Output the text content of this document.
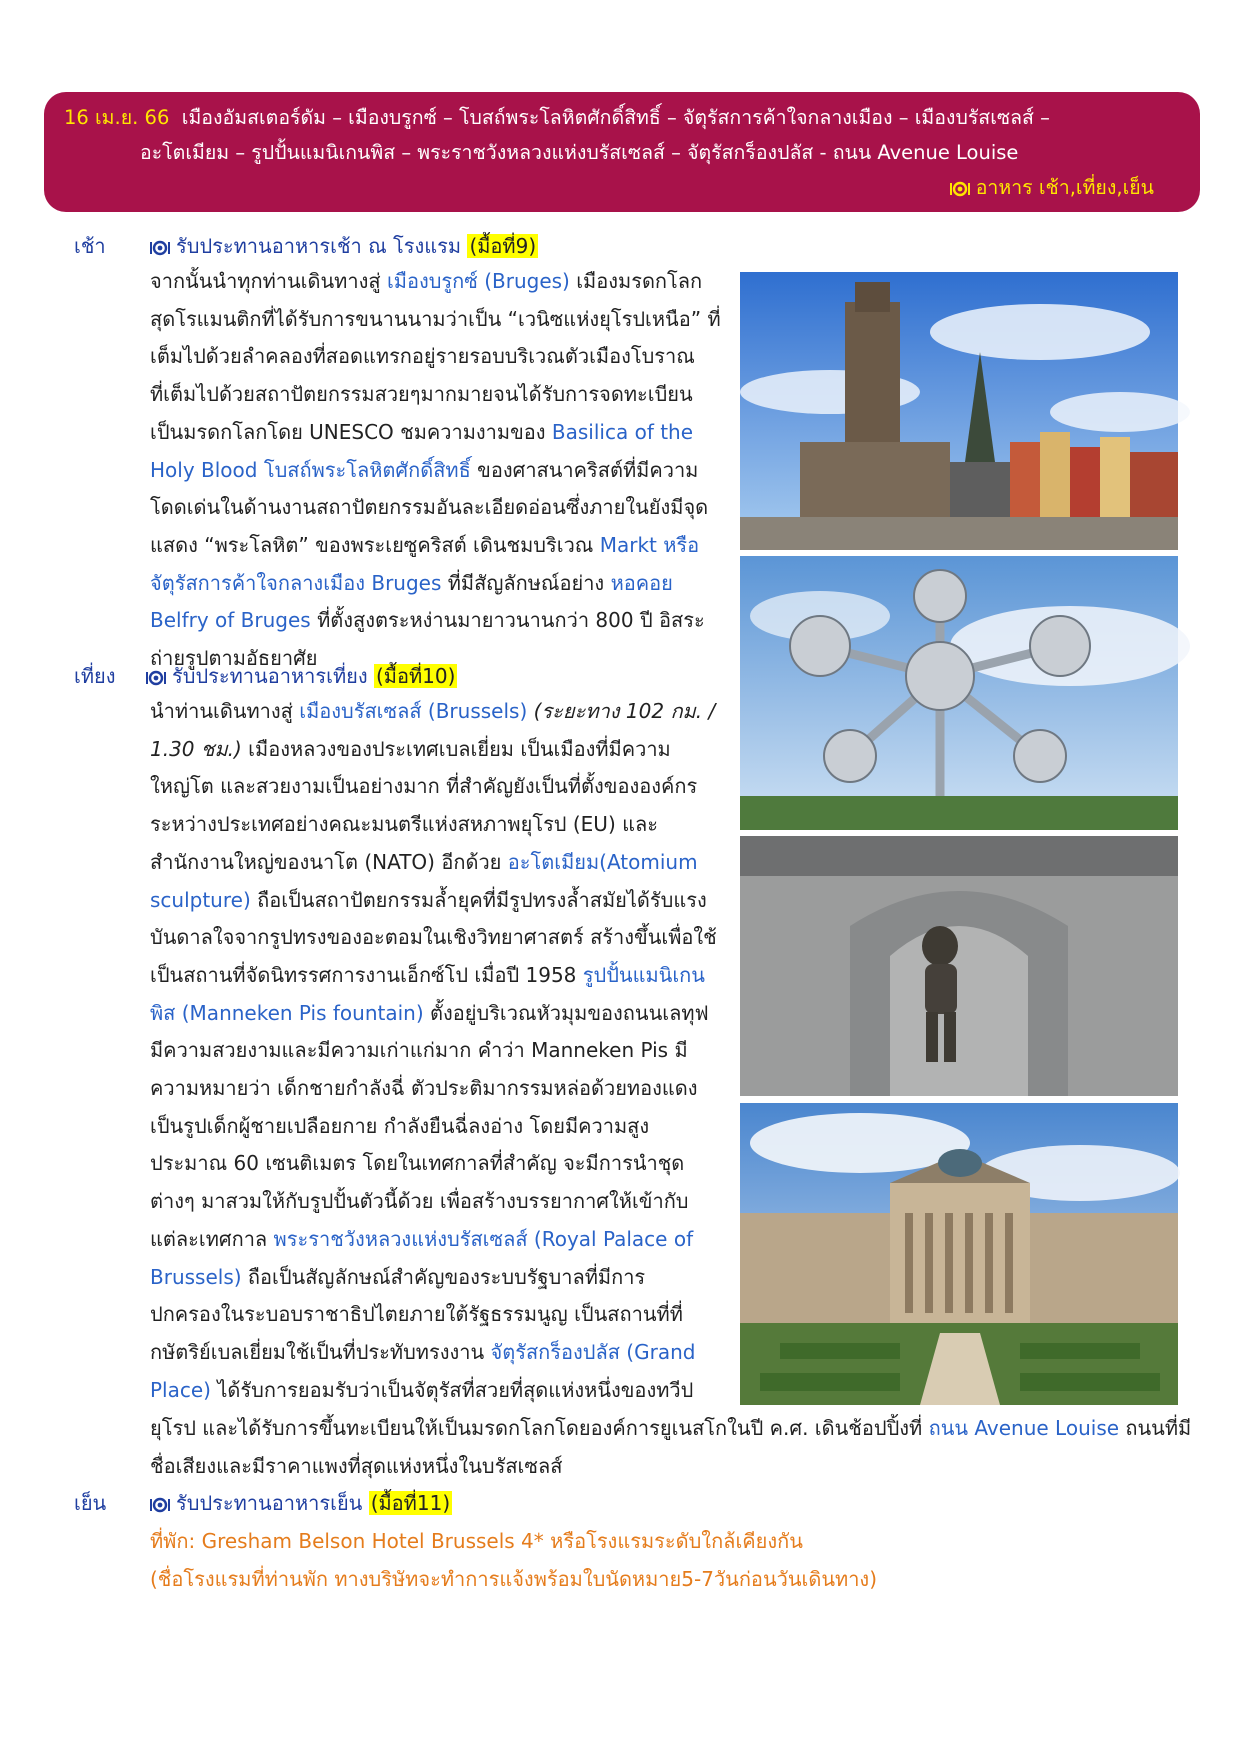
16 เม.ย. 66 เมืองอัมสเตอร์ดัม – เมืองบรูกซ์ – โบสถ์พระโลหิตศักดิ์สิทธิ์ – จัตุรัสการค้าใจกลางเมือง – เมืองบรัสเซลส์ –
อะโตเมียม – รูปปั้นแมนิเกนพิส – พระราชวังหลวงแห่งบรัสเซลส์ – จัตุรัสกร็องปลัส - ถนน Avenue Louise
อาหาร เช้า,เที่ยง,เย็น
เช้า	รับประทานอาหารเช้า ณ โรงแรม (มื้อที่9)
จากนั้นนำทุกท่านเดินทางสู่ เมืองบรูกซ์ (Bruges) เมืองมรดกโลก
สุดโรแมนติกที่ได้รับการขนานนามว่าเป็น “เวนิซแห่งยุโรปเหนือ” ที่
เต็มไปด้วยลำคลองที่สอดแทรกอยู่รายรอบบริเวณตัวเมืองโบราณ
ที่เต็มไปด้วยสถาปัตยกรรมสวยๆมากมายจนได้รับการจดทะเบียน
เป็นมรดกโลกโดย UNESCO ชมความงามของ Basilica of the
Holy Blood โบสถ์พระโลหิตศักดิ์สิทธิ์ ของศาสนาคริสต์ที่มีความ
โดดเด่นในด้านงานสถาปัตยกรรมอันละเอียดอ่อนซึ่งภายในยังมีจุด
แสดง “พระโลหิต” ของพระเยซูคริสต์ เดินชมบริเวณ Markt หรือ
จัตุรัสการค้าใจกลางเมือง Bruges ที่มีสัญลักษณ์อย่าง หอคอย
Belfry of Bruges ที่ตั้งสูงตระหง่านมายาวนานกว่า 800 ปี อิสระ
ถ่ายรูปตามอัธยาศัย
เที่ยง	รับประทานอาหารเที่ยง (มื้อที่10)
นำท่านเดินทางสู่ เมืองบรัสเซลส์ (Brussels) (ระยะทาง 102 กม. /
1.30 ชม.) เมืองหลวงของประเทศเบลเยี่ยม เป็นเมืองที่มีความ
ใหญ่โต และสวยงามเป็นอย่างมาก ที่สำคัญยังเป็นที่ตั้งขององค์กร
ระหว่างประเทศอย่างคณะมนตรีแห่งสหภาพยุโรป (EU) และ
สำนักงานใหญ่ของนาโต (NATO) อีกด้วย อะโตเมียม(Atomium
sculpture) ถือเป็นสถาปัตยกรรมล้ำยุคที่มีรูปทรงล้ำสมัยได้รับแรง
บันดาลใจจากรูปทรงของอะตอมในเชิงวิทยาศาสตร์ สร้างขึ้นเพื่อใช้
เป็นสถานที่จัดนิทรรศการงานเอ็กซ์โป เมื่อปี 1958 รูปปั้นแมนิเกน
พิส (Manneken Pis fountain) ตั้งอยู่บริเวณหัวมุมของถนนเลทุฟ
มีความสวยงามและมีความเก่าแก่มาก คำว่า Manneken Pis มี
ความหมายว่า เด็กชายกำลังฉี่ ตัวประติมากรรมหล่อด้วยทองแดง
เป็นรูปเด็กผู้ชายเปลือยกาย กำลังยืนฉี่ลงอ่าง โดยมีความสูง
ประมาณ 60 เซนติเมตร โดยในเทศกาลที่สำคัญ จะมีการนำชุด
ต่างๆ มาสวมให้กับรูปปั้นตัวนี้ด้วย เพื่อสร้างบรรยากาศให้เข้ากับ
แต่ละเทศกาล พระราชวังหลวงแห่งบรัสเซลส์ (Royal Palace of
Brussels) ถือเป็นสัญลักษณ์สำคัญของระบบรัฐบาลที่มีการ
ปกครองในระบอบราชาธิปไตยภายใต้รัฐธรรมนูญ เป็นสถานที่ที่
กษัตริย์เบลเยี่ยมใช้เป็นที่ประทับทรงงาน จัตุรัสกร็องปลัส (Grand
Place) ได้รับการยอมรับว่าเป็นจัตุรัสที่สวยที่สุดแห่งหนึ่งของทวีป
ยุโรป และได้รับการขึ้นทะเบียนให้เป็นมรดกโลกโดยองค์การยูเนสโกในปี ค.ศ. เดินช้อปปิ้งที่ ถนน Avenue Louise ถนนที่มี
ชื่อเสียงและมีราคาแพงที่สุดแห่งหนึ่งในบรัสเซลส์
เย็น	รับประทานอาหารเย็น (มื้อที่11)
ที่พัก: Gresham Belson Hotel Brussels 4* หรือโรงแรมระดับใกล้เคียงกัน
(ชื่อโรงแรมที่ท่านพัก ทางบริษัทจะทำการแจ้งพร้อมใบนัดหมาย5-7วันก่อนวันเดินทาง)
